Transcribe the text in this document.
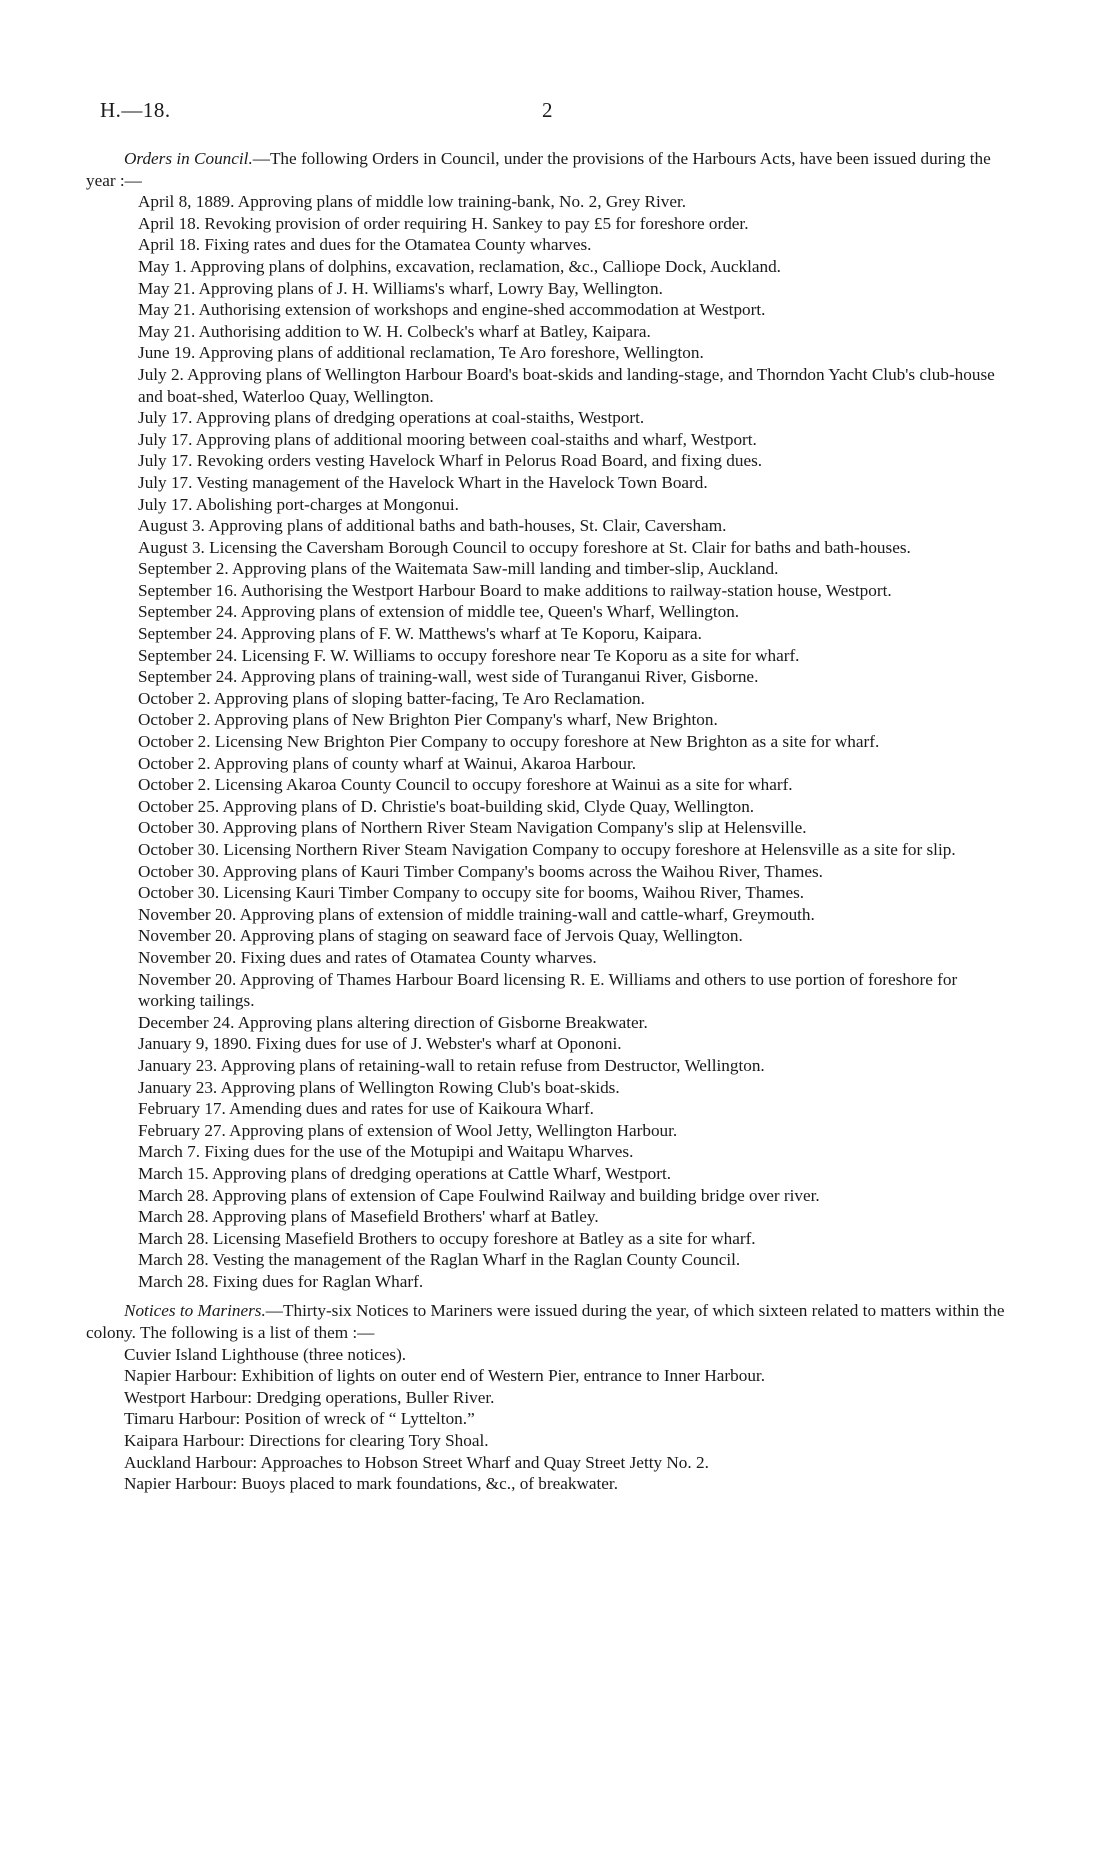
H.—18.	2

Orders in Council.—The following Orders in Council, under the provisions of the Harbours Acts, have been issued during the year :—

April 8, 1889. Approving plans of middle low training-bank, No. 2, Grey River.
April 18. Revoking provision of order requiring H. Sankey to pay £5 for foreshore order.
April 18. Fixing rates and dues for the Otamatea County wharves.
May 1. Approving plans of dolphins, excavation, reclamation, &c., Calliope Dock, Auckland.
May 21. Approving plans of J. H. Williams's wharf, Lowry Bay, Wellington.
May 21. Authorising extension of workshops and engine-shed accommodation at Westport.
May 21. Authorising addition to W. H. Colbeck's wharf at Batley, Kaipara.
June 19. Approving plans of additional reclamation, Te Aro foreshore, Wellington.
July 2. Approving plans of Wellington Harbour Board's boat-skids and landing-stage, and Thorndon Yacht Club's club-house and boat-shed, Waterloo Quay, Wellington.
July 17. Approving plans of dredging operations at coal-staiths, Westport.
July 17. Approving plans of additional mooring between coal-staiths and wharf, Westport.
July 17. Revoking orders vesting Havelock Wharf in Pelorus Road Board, and fixing dues.
July 17. Vesting management of the Havelock Whart in the Havelock Town Board.
July 17. Abolishing port-charges at Mongonui.
August 3. Approving plans of additional baths and bath-houses, St. Clair, Caversham.
August 3. Licensing the Caversham Borough Council to occupy foreshore at St. Clair for baths and bath-houses.
September 2. Approving plans of the Waitemata Saw-mill landing and timber-slip, Auckland.
September 16. Authorising the Westport Harbour Board to make additions to railway-station house, Westport.
September 24. Approving plans of extension of middle tee, Queen's Wharf, Wellington.
September 24. Approving plans of F. W. Matthews's wharf at Te Koporu, Kaipara.
September 24. Licensing F. W. Williams to occupy foreshore near Te Koporu as a site for wharf.
September 24. Approving plans of training-wall, west side of Turanganui River, Gisborne.
October 2. Approving plans of sloping batter-facing, Te Aro Reclamation.
October 2. Approving plans of New Brighton Pier Company's wharf, New Brighton.
October 2. Licensing New Brighton Pier Company to occupy foreshore at New Brighton as a site for wharf.
October 2. Approving plans of county wharf at Wainui, Akaroa Harbour.
October 2. Licensing Akaroa County Council to occupy foreshore at Wainui as a site for wharf.
October 25. Approving plans of D. Christie's boat-building skid, Clyde Quay, Wellington.
October 30. Approving plans of Northern River Steam Navigation Company's slip at Helensville.
October 30. Licensing Northern River Steam Navigation Company to occupy foreshore at Helensville as a site for slip.
October 30. Approving plans of Kauri Timber Company's booms across the Waihou River, Thames.
October 30. Licensing Kauri Timber Company to occupy site for booms, Waihou River, Thames.
November 20. Approving plans of extension of middle training-wall and cattle-wharf, Greymouth.
November 20. Approving plans of staging on seaward face of Jervois Quay, Wellington.
November 20. Fixing dues and rates of Otamatea County wharves.
November 20. Approving of Thames Harbour Board licensing R. E. Williams and others to use portion of foreshore for working tailings.
December 24. Approving plans altering direction of Gisborne Breakwater.
January 9, 1890. Fixing dues for use of J. Webster's wharf at Opononi.
January 23. Approving plans of retaining-wall to retain refuse from Destructor, Wellington.
January 23. Approving plans of Wellington Rowing Club's boat-skids.
February 17. Amending dues and rates for use of Kaikoura Wharf.
February 27. Approving plans of extension of Wool Jetty, Wellington Harbour.
March 7. Fixing dues for the use of the Motupipi and Waitapu Wharves.
March 15. Approving plans of dredging operations at Cattle Wharf, Westport.
March 28. Approving plans of extension of Cape Foulwind Railway and building bridge over river.
March 28. Approving plans of Masefield Brothers' wharf at Batley.
March 28. Licensing Masefield Brothers to occupy foreshore at Batley as a site for wharf.
March 28. Vesting the management of the Raglan Wharf in the Raglan County Council.
March 28. Fixing dues for Raglan Wharf.

Notices to Mariners.—Thirty-six Notices to Mariners were issued during the year, of which sixteen related to matters within the colony. The following is a list of them :—

Cuvier Island Lighthouse (three notices).
Napier Harbour: Exhibition of lights on outer end of Western Pier, entrance to Inner Harbour.
Westport Harbour: Dredging operations, Buller River.
Timaru Harbour: Position of wreck of “ Lyttelton.”
Kaipara Harbour: Directions for clearing Tory Shoal.
Auckland Harbour: Approaches to Hobson Street Wharf and Quay Street Jetty No. 2.
Napier Harbour: Buoys placed to mark foundations, &c., of breakwater.
